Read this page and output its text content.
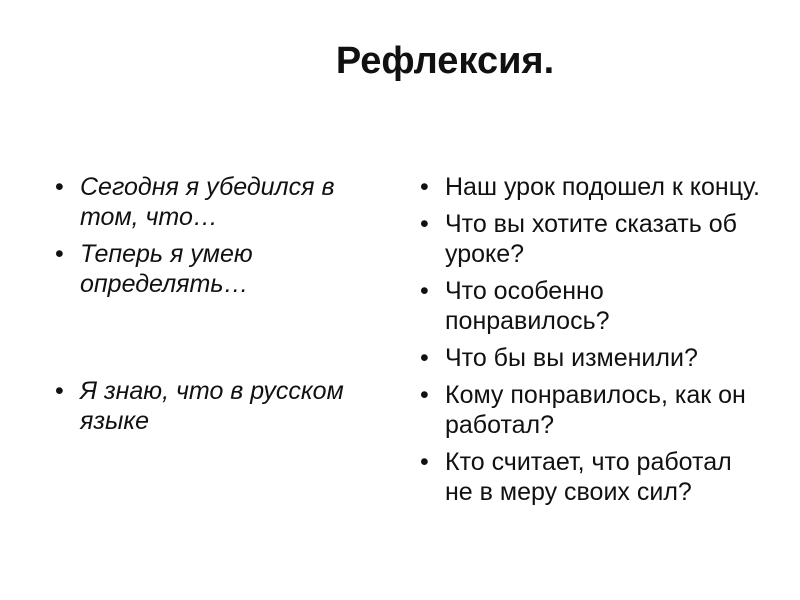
Рефлексия.
• Сегодня я убедился в том, что…
• Теперь я умею определять…
• Я знаю, что в русском языке
• Наш урок подошел к концу.
• Что вы хотите сказать об уроке?
• Что особенно понравилось?
• Что бы вы изменили?
• Кому понравилось, как он работал?
• Кто считает, что работал не в меру своих сил?
